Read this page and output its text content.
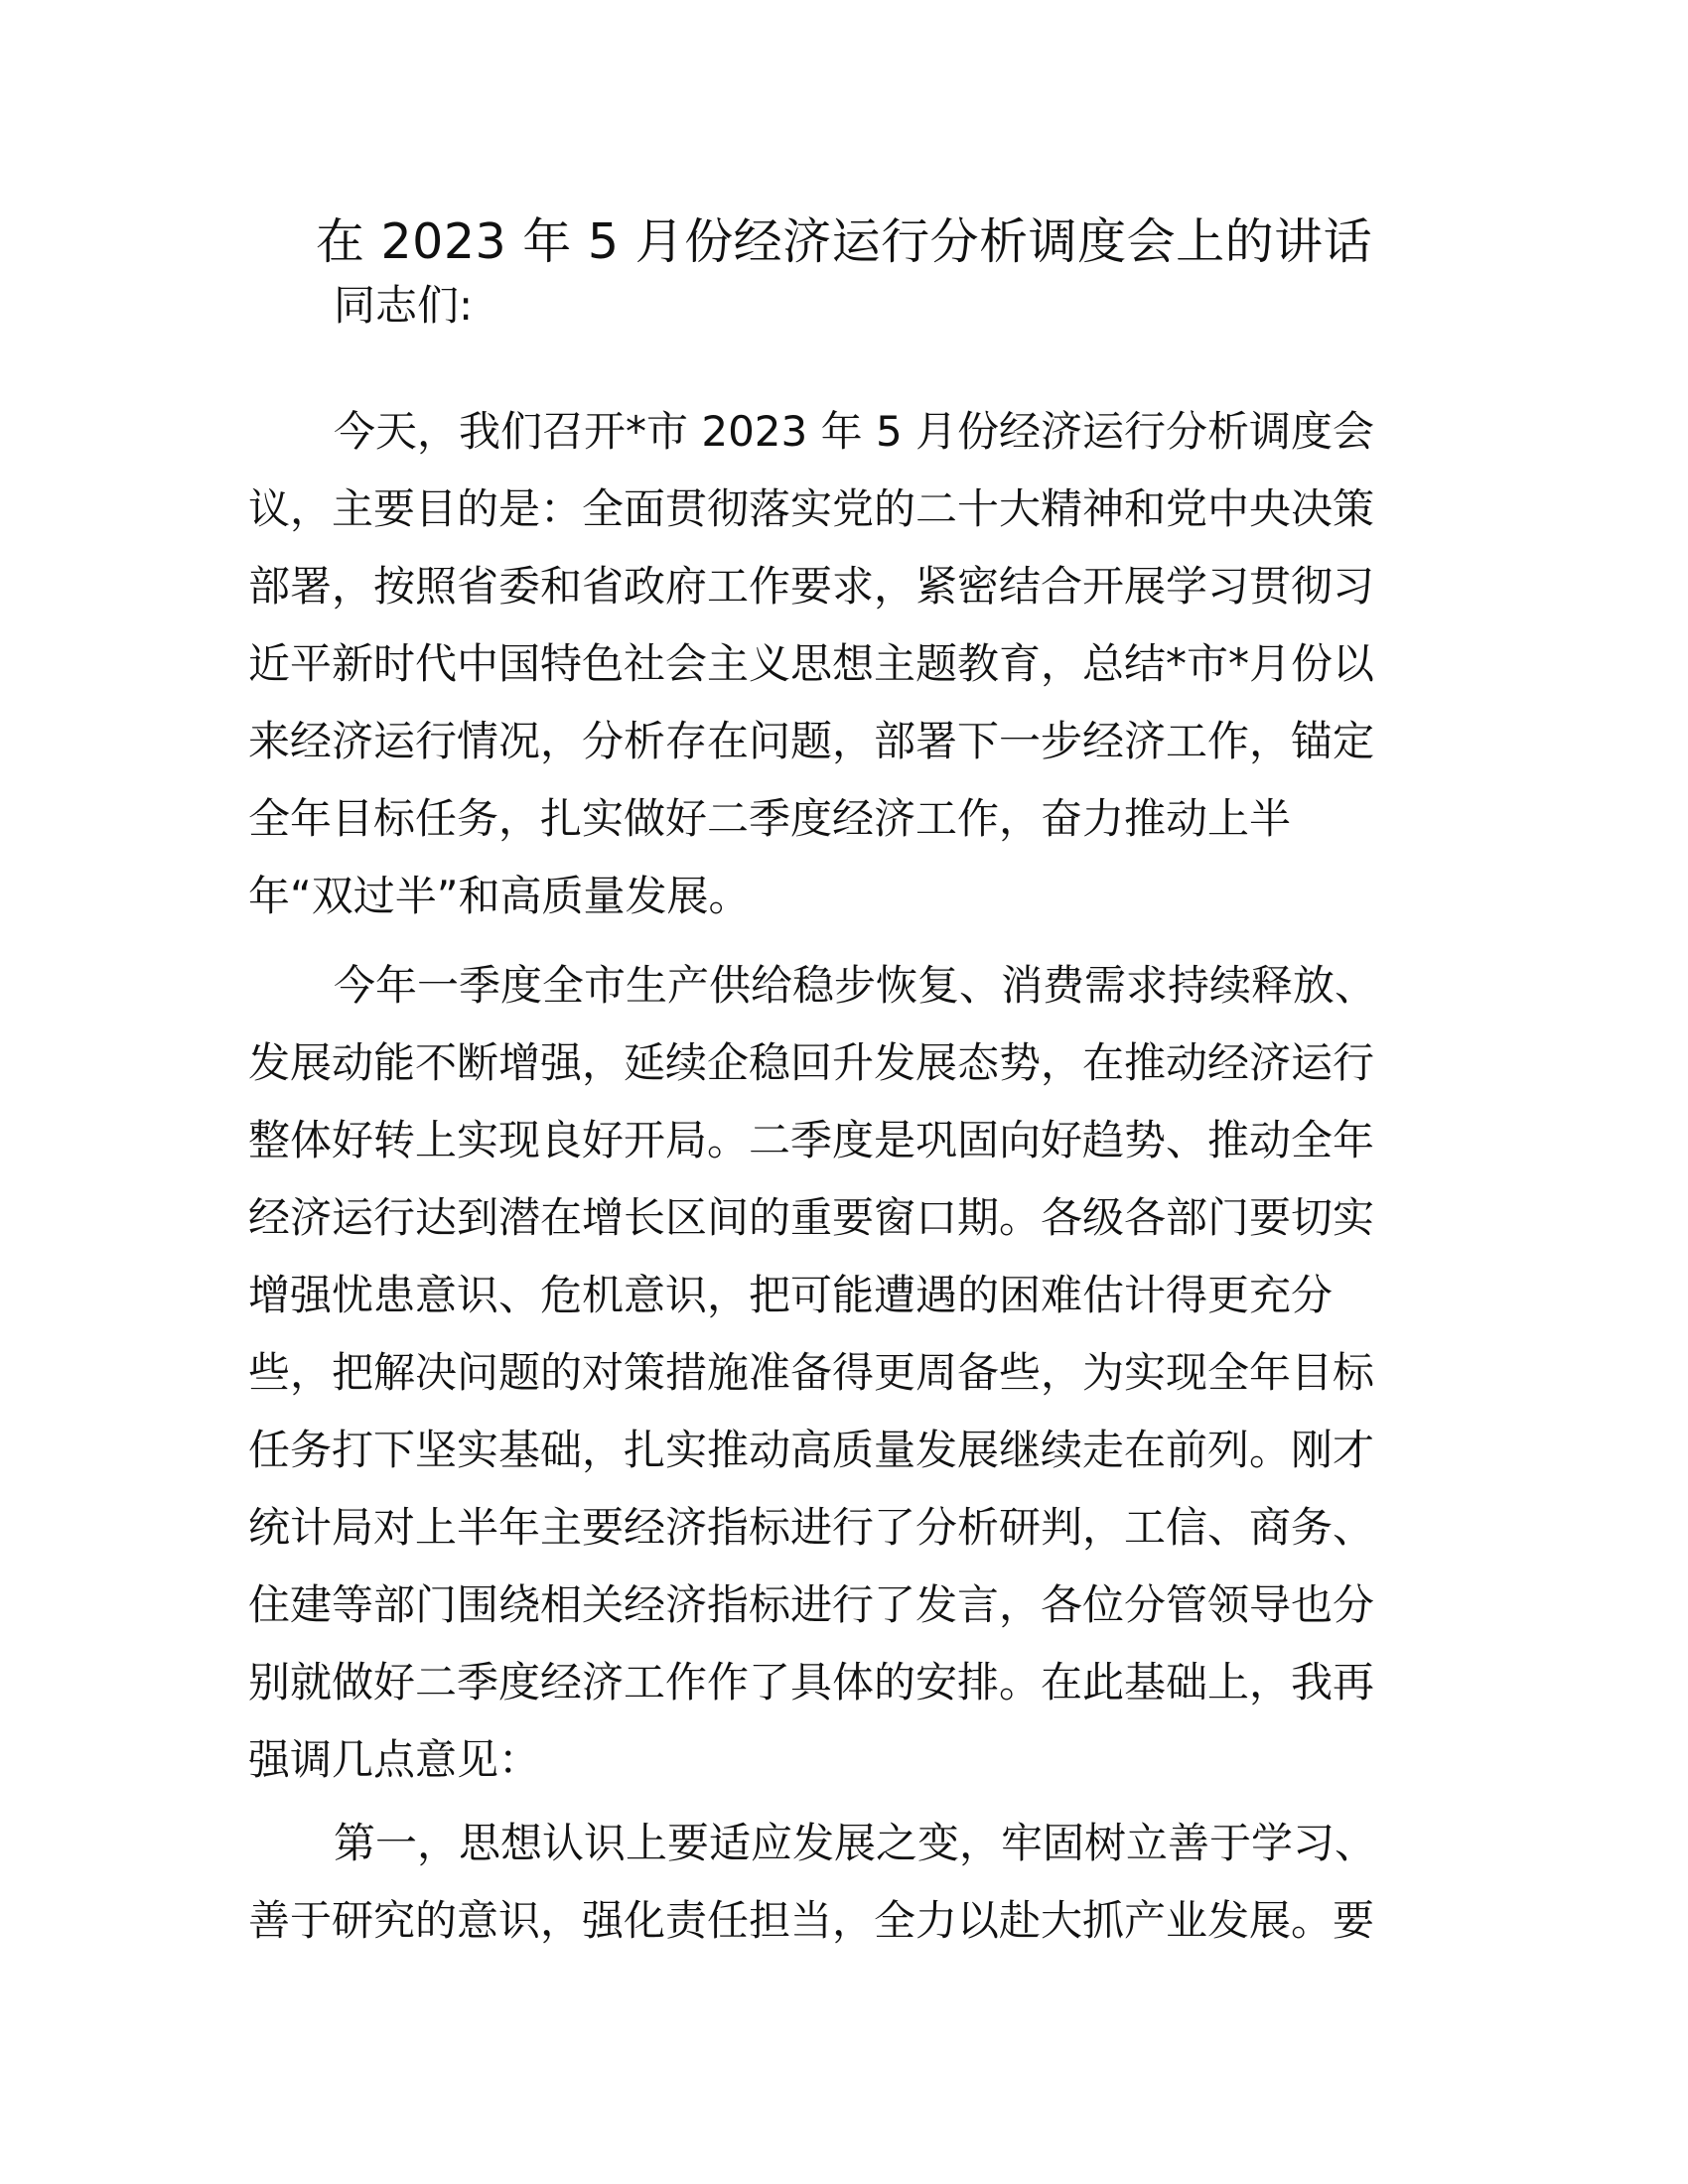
在 2023 年 5 月份经济运行分析调度会上的讲话
同志们:
今天，我们召开*市 2023 年 5 月份经济运行分析调度会
议，主要目的是：全面贯彻落实党的二十大精神和党中央决策
部署，按照省委和省政府工作要求，紧密结合开展学习贯彻习
近平新时代中国特色社会主义思想主题教育，总结*市*月份以
来经济运行情况，分析存在问题，部署下一步经济工作，锚定
全年目标任务，扎实做好二季度经济工作，奋力推动上半
年“双过半”和高质量发展。
今年一季度全市生产供给稳步恢复、消费需求持续释放、
发展动能不断增强，延续企稳回升发展态势，在推动经济运行
整体好转上实现良好开局。二季度是巩固向好趋势、推动全年
经济运行达到潜在增长区间的重要窗口期。各级各部门要切实
增强忧患意识、危机意识，把可能遭遇的困难估计得更充分
些，把解决问题的对策措施准备得更周备些，为实现全年目标
任务打下坚实基础，扎实推动高质量发展继续走在前列。刚才
统计局对上半年主要经济指标进行了分析研判，工信、商务、
住建等部门围绕相关经济指标进行了发言，各位分管领导也分
别就做好二季度经济工作作了具体的安排。在此基础上，我再
强调几点意见：
第一，思想认识上要适应发展之变，牢固树立善于学习、
善于研究的意识，强化责任担当，全力以赴大抓产业发展。要
